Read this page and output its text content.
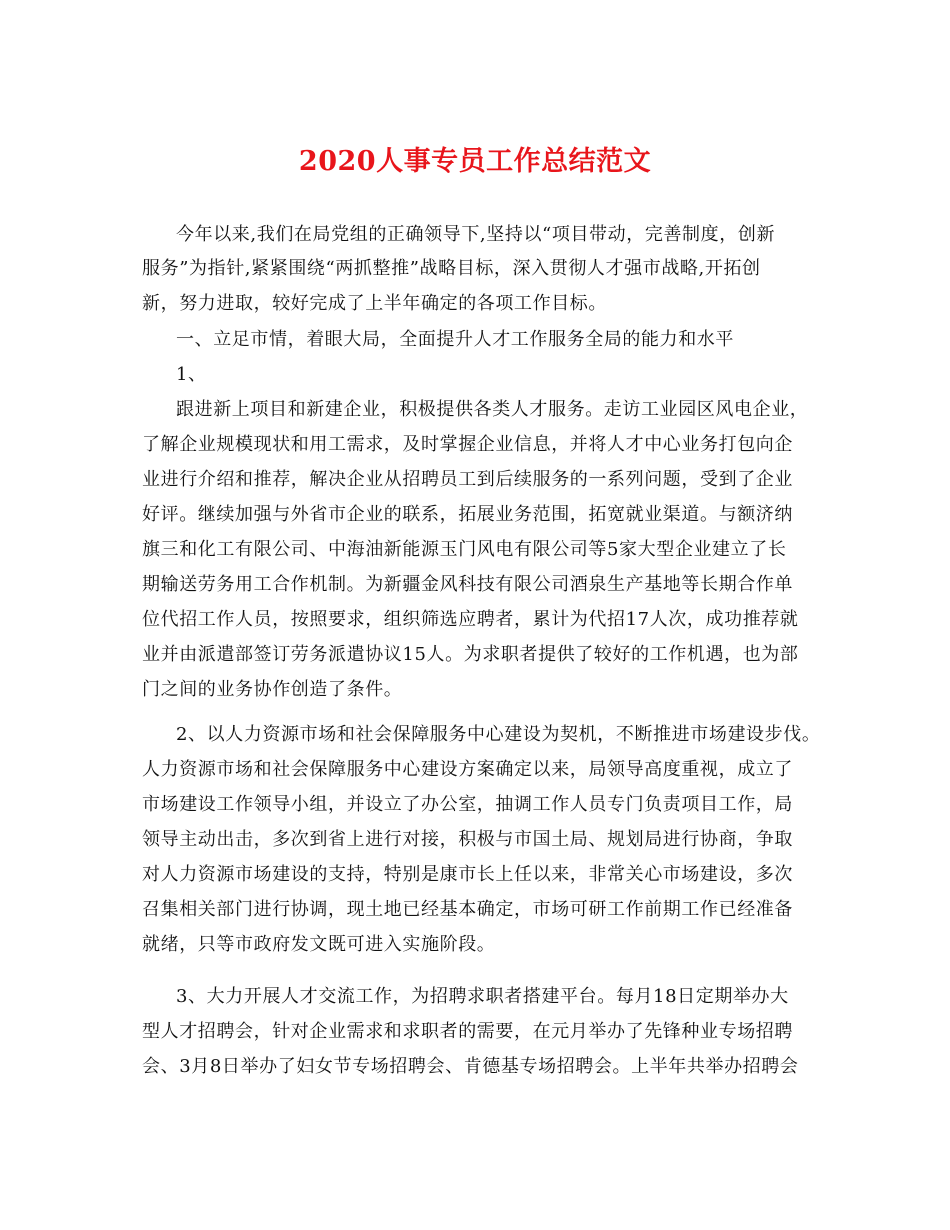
2020人事专员工作总结范文
今年以来,我们在局党组的正确领导下,坚持以“项目带动，完善制度，创新
服务”为指针,紧紧围绕“两抓整推”战略目标，深入贯彻人才强市战略,开拓创
新，努力进取，较好完成了上半年确定的各项工作目标。
一、立足市情，着眼大局，全面提升人才工作服务全局的能力和水平
1、
跟进新上项目和新建企业，积极提供各类人才服务。走访工业园区风电企业，
了解企业规模现状和用工需求，及时掌握企业信息，并将人才中心业务打包向企
业进行介绍和推荐，解决企业从招聘员工到后续服务的一系列问题，受到了企业
好评。继续加强与外省市企业的联系，拓展业务范围，拓宽就业渠道。与额济纳
旗三和化工有限公司、中海油新能源玉门风电有限公司等5家大型企业建立了长
期输送劳务用工合作机制。为新疆金风科技有限公司酒泉生产基地等长期合作单
位代招工作人员，按照要求，组织筛选应聘者，累计为代招17人次，成功推荐就
业并由派遣部签订劳务派遣协议15人。为求职者提供了较好的工作机遇，也为部
门之间的业务协作创造了条件。
2、以人力资源市场和社会保障服务中心建设为契机，不断推进市场建设步伐。
人力资源市场和社会保障服务中心建设方案确定以来，局领导高度重视，成立了
市场建设工作领导小组，并设立了办公室，抽调工作人员专门负责项目工作，局
领导主动出击，多次到省上进行对接，积极与市国土局、规划局进行协商，争取
对人力资源市场建设的支持，特别是康市长上任以来，非常关心市场建设，多次
召集相关部门进行协调，现土地已经基本确定，市场可研工作前期工作已经准备
就绪，只等市政府发文既可进入实施阶段。
3、大力开展人才交流工作，为招聘求职者搭建平台。每月18日定期举办大
型人才招聘会，针对企业需求和求职者的需要，在元月举办了先锋种业专场招聘
会、3月8日举办了妇女节专场招聘会、肯德基专场招聘会。上半年共举办招聘会
